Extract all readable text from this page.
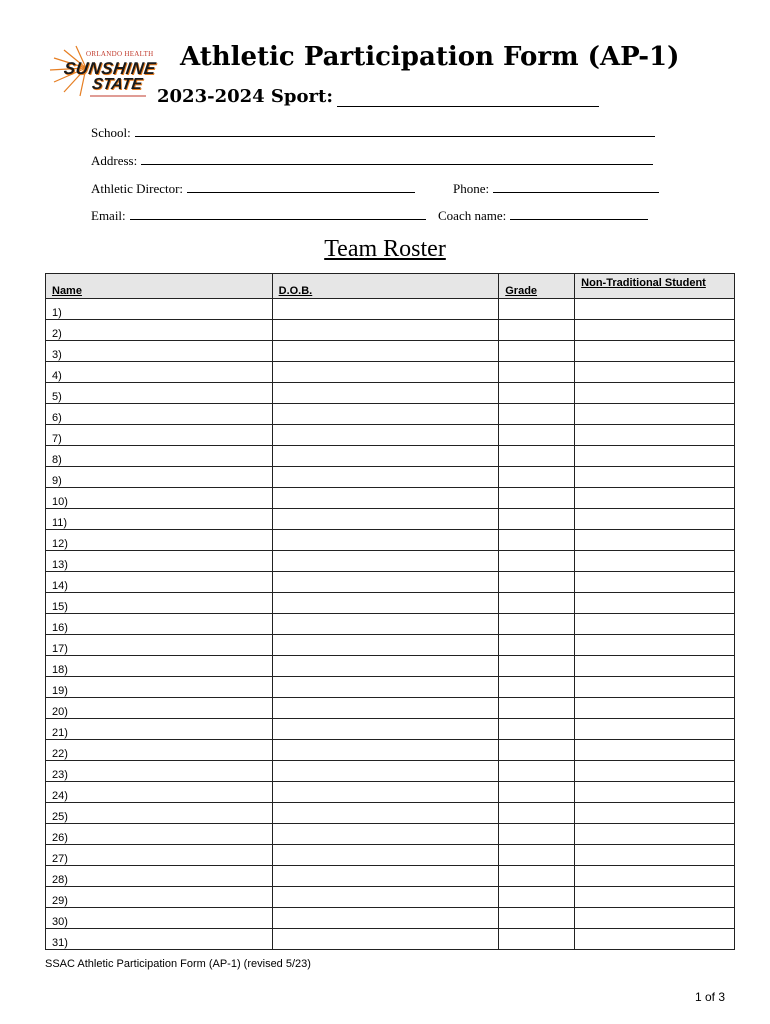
ORLANDO HEALTH
SUNSHINE
STATE
Athletic Participation Form (AP-1)
2023-2024 Sport:
School:
Address:
Athletic Director:	Phone:
Email:	Coach name:
Team Roster
Name	D.O.B.	Grade	Non-Traditional Student
1)			
2)			
3)			
4)			
5)			
6)			
7)			
8)			
9)			
10)			
11)			
12)			
13)			
14)			
15)			
16)			
17)			
18)			
19)			
20)			
21)			
22)			
23)			
24)			
25)			
26)			
27)			
28)			
29)			
30)			
31)			
SSAC Athletic Participation Form (AP-1) (revised 5/23)
1 of 3
